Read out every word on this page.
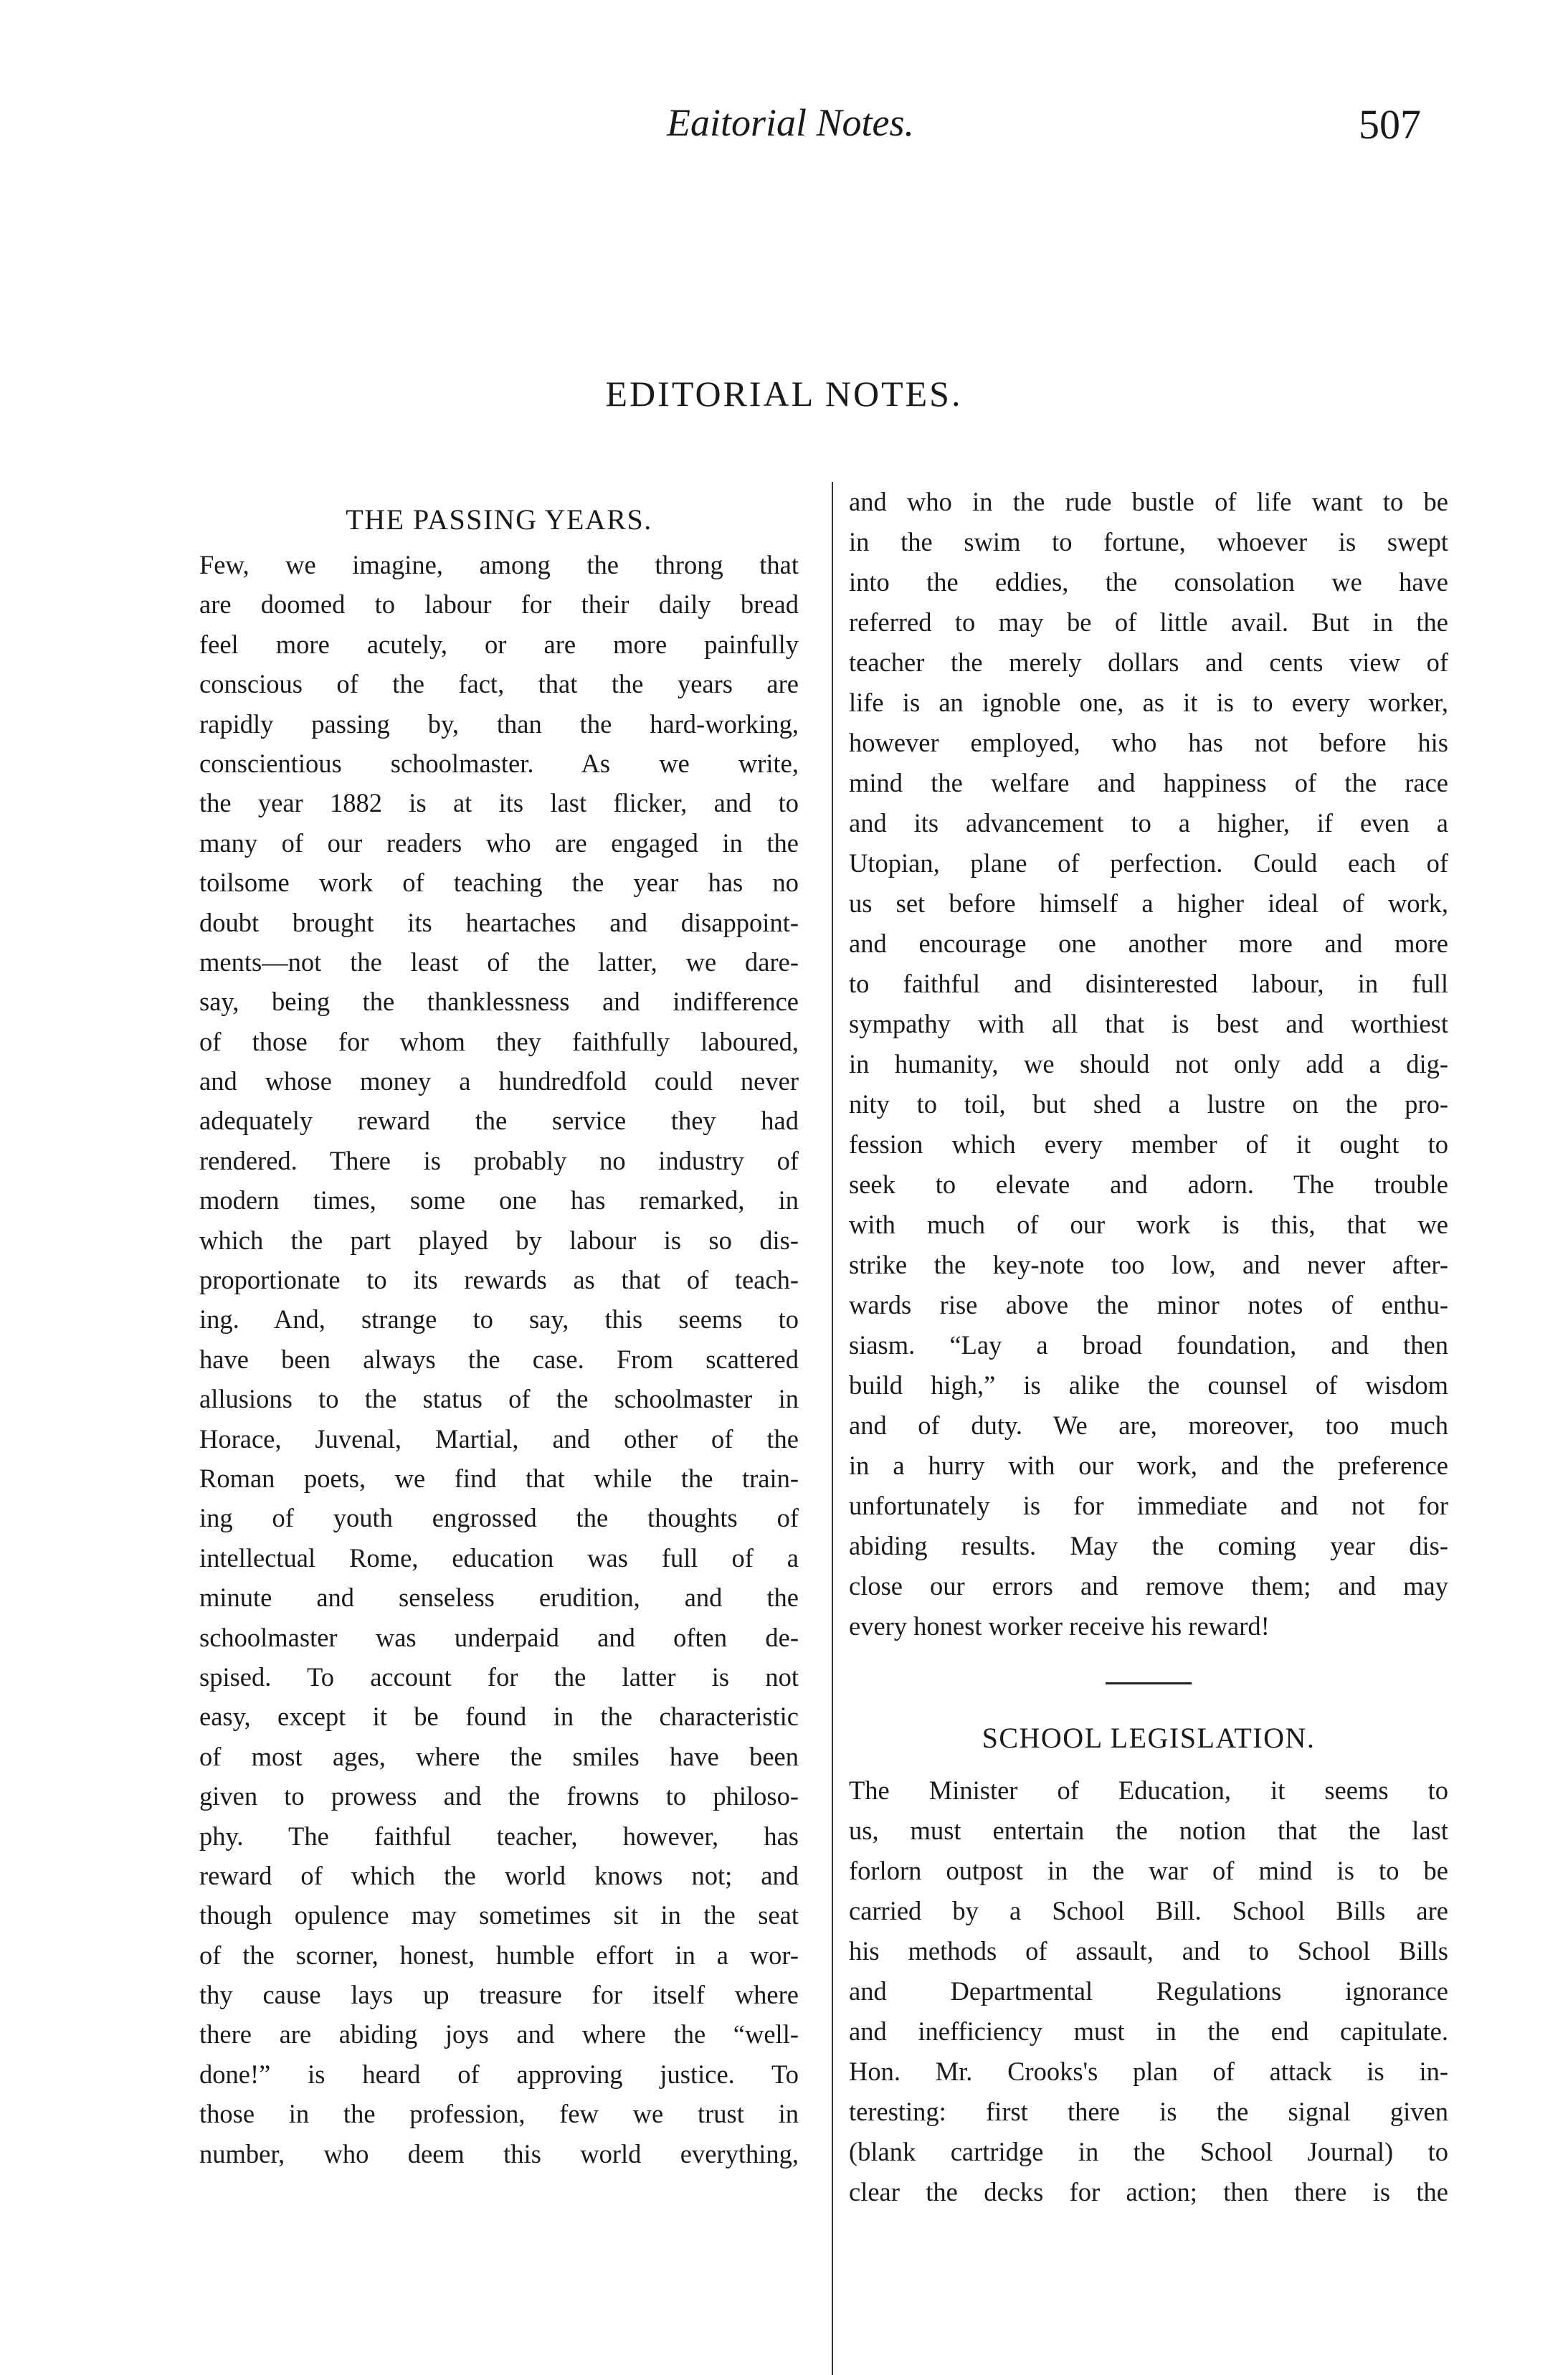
Eaitorial Notes.	507
EDITORIAL NOTES.
THE PASSING YEARS.
Few, we imagine, among the throng that
are doomed to labour for their daily bread
feel more acutely, or are more painfully
conscious of the fact, that the years are
rapidly passing by, than the hard-working,
conscientious schoolmaster. As we write,
the year 1882 is at its last flicker, and to
many of our readers who are engaged in the
toilsome work of teaching the year has no
doubt brought its heartaches and disappoint-
ments—not the least of the latter, we dare-
say, being the thanklessness and indifference
of those for whom they faithfully laboured,
and whose money a hundredfold could never
adequately reward the service they had
rendered. There is probably no industry of
modern times, some one has remarked, in
which the part played by labour is so dis-
proportionate to its rewards as that of teach-
ing. And, strange to say, this seems to
have been always the case. From scattered
allusions to the status of the schoolmaster in
Horace, Juvenal, Martial, and other of the
Roman poets, we find that while the train-
ing of youth engrossed the thoughts of
intellectual Rome, education was full of a
minute and senseless erudition, and the
schoolmaster was underpaid and often de-
spised. To account for the latter is not
easy, except it be found in the characteristic
of most ages, where the smiles have been
given to prowess and the frowns to philoso-
phy. The faithful teacher, however, has
reward of which the world knows not; and
though opulence may sometimes sit in the seat
of the scorner, honest, humble effort in a wor-
thy cause lays up treasure for itself where
there are abiding joys and where the “well-
done!” is heard of approving justice. To
those in the profession, few we trust in
number, who deem this world everything,
and who in the rude bustle of life want to be
in the swim to fortune, whoever is swept
into the eddies, the consolation we have
referred to may be of little avail. But in the
teacher the merely dollars and cents view of
life is an ignoble one, as it is to every worker,
however employed, who has not before his
mind the welfare and happiness of the race
and its advancement to a higher, if even a
Utopian, plane of perfection. Could each of
us set before himself a higher ideal of work,
and encourage one another more and more
to faithful and disinterested labour, in full
sympathy with all that is best and worthiest
in humanity, we should not only add a dig-
nity to toil, but shed a lustre on the pro-
fession which every member of it ought to
seek to elevate and adorn. The trouble
with much of our work is this, that we
strike the key-note too low, and never after-
wards rise above the minor notes of enthu-
siasm. “Lay a broad foundation, and then
build high,” is alike the counsel of wisdom
and of duty. We are, moreover, too much
in a hurry with our work, and the preference
unfortunately is for immediate and not for
abiding results. May the coming year dis-
close our errors and remove them; and may
every honest worker receive his reward!
SCHOOL LEGISLATION.
The Minister of Education, it seems to
us, must entertain the notion that the last
forlorn outpost in the war of mind is to be
carried by a School Bill. School Bills are
his methods of assault, and to School Bills
and Departmental Regulations ignorance
and inefficiency must in the end capitulate.
Hon. Mr. Crooks's plan of attack is in-
teresting: first there is the signal given
(blank cartridge in the School Journal) to
clear the decks for action; then there is the
